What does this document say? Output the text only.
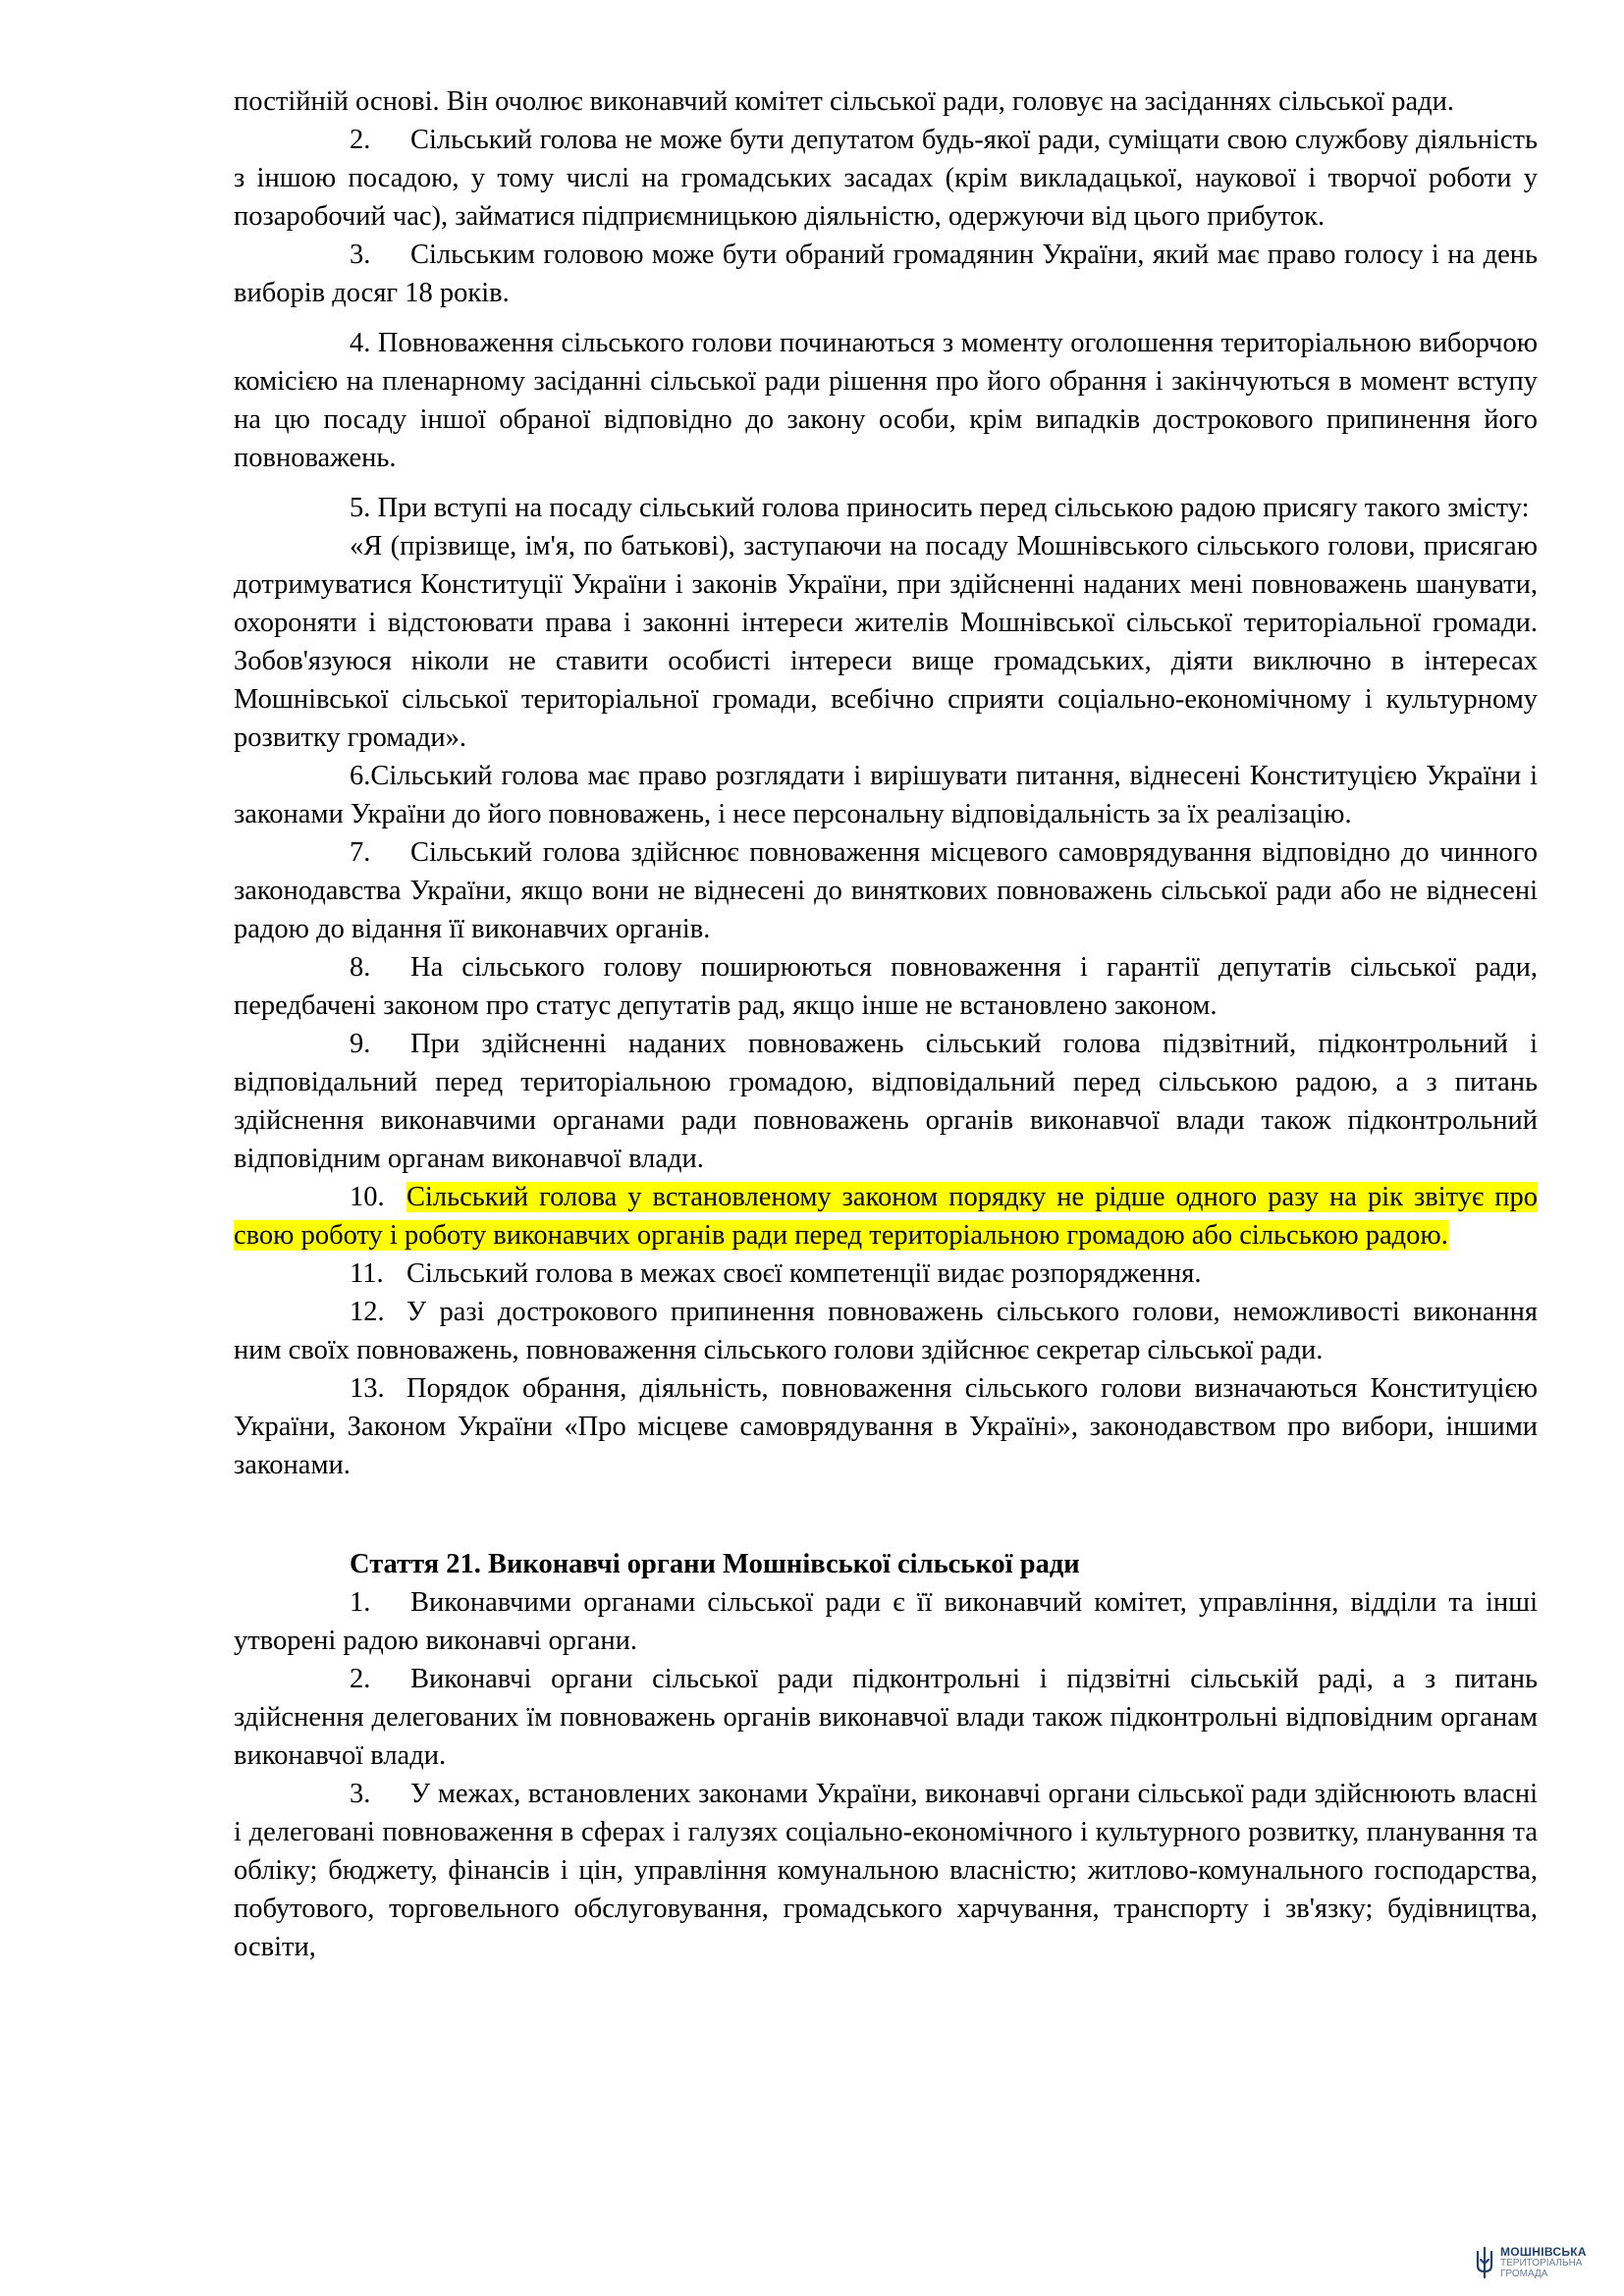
постійній основі. Він очолює виконавчий комітет сільської ради, головує на засіданнях сільської ради.

2. Сільський голова не може бути депутатом будь-якої ради, суміщати свою службову діяльність з іншою посадою, у тому числі на громадських засадах (крім викладацької, наукової і творчої роботи у позаробочий час), займатися підприємницькою діяльністю, одержуючи від цього прибуток.

3. Сільським головою може бути обраний громадянин України, який має право голосу і на день виборів досяг 18 років.

4. Повноваження сільського голови починаються з моменту оголошення територіальною виборчою комісією на пленарному засіданні сільської ради рішення про його обрання і закінчуються в момент вступу на цю посаду іншої обраної відповідно до закону особи, крім випадків дострокового припинення його повноважень.

5. При вступі на посаду сільський голова приносить перед сільською радою присягу такого змісту:

«Я (прізвище, ім'я, по батькові), заступаючи на посаду Мошнівського сільського голови, присягаю дотримуватися Конституції України і законів України, при здійсненні наданих мені повноважень шанувати, охороняти і відстоювати права і законні інтереси жителів Мошнівської сільської територіальної громади. Зобов'язуюся ніколи не ставити особисті інтереси вище громадських, діяти виключно в інтересах Мошнівської сільської територіальної громади, всебічно сприяти соціально-економічному і культурному розвитку громади».

6.Сільський голова має право розглядати і вирішувати питання, віднесені Конституцією України і законами України до його повноважень, і несе персональну відповідальність за їх реалізацію.

7. Сільський голова здійснює повноваження місцевого самоврядування відповідно до чинного законодавства України, якщо вони не віднесені до виняткових повноважень сільської ради або не віднесені радою до відання її виконавчих органів.

8. На сільського голову поширюються повноваження і гарантії депутатів сільської ради, передбачені законом про статус депутатів рад, якщо інше не встановлено законом.

9. При здійсненні наданих повноважень сільський голова підзвітний, підконтрольний і відповідальний перед територіальною громадою, відповідальний перед сільською радою, а з питань здійснення виконавчими органами ради повноважень органів виконавчої влади також підконтрольний відповідним органам виконавчої влади.

10. Сільський голова у встановленому законом порядку не рідше одного разу на рік звітує про свою роботу і роботу виконавчих органів ради перед територіальною громадою або сільською радою.

11. Сільський голова в межах своєї компетенції видає розпорядження.

12. У разі дострокового припинення повноважень сільського голови, неможливості виконання ним своїх повноважень, повноваження сільського голови здійснює секретар сільської ради.

13. Порядок обрання, діяльність, повноваження сільського голови визначаються Конституцією України, Законом України «Про місцеве самоврядування в Україні», законодавством про вибори, іншими законами.

Стаття 21. Виконавчі органи Мошнівської сільської ради

1. Виконавчими органами сільської ради є її виконавчий комітет, управління, відділи та інші утворені радою виконавчі органи.

2. Виконавчі органи сільської ради підконтрольні і підзвітні сільській раді, а з питань здійснення делегованих їм повноважень органів виконавчої влади також підконтрольні відповідним органам виконавчої влади.

3. У межах, встановлених законами України, виконавчі органи сільської ради здійснюють власні і делеговані повноваження в сферах і галузях соціально-економічного і культурного розвитку, планування та обліку; бюджету, фінансів і цін, управління комунальною власністю; житлово-комунального господарства, побутового, торговельного обслуговування, громадського харчування, транспорту і зв'язку; будівництва, освіти,

МОШНІВСЬКА
ТЕРИТОРІАЛЬНА
ГРОМАДА
